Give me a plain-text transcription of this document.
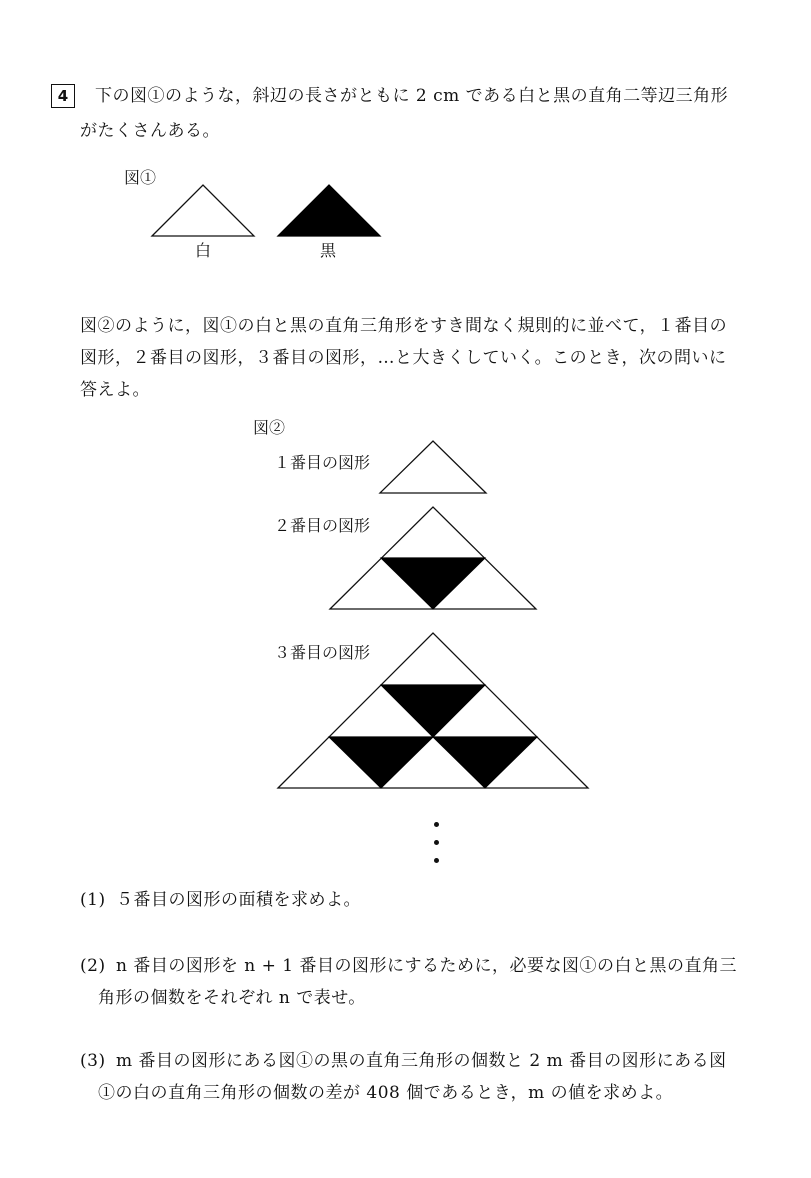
4	下の図①のような，斜辺の長さがともに 2 cm である白と黒の直角二等辺三角形
がたくさんある。
図①
白	黒
図②のように，図①の白と黒の直角三角形をすき間なく規則的に並べて，１番目の
図形，２番目の図形，３番目の図形，…と大きくしていく。このとき，次の問いに
答えよ。
図②
１番目の図形
２番目の図形
３番目の図形
(1) ５番目の図形の面積を求めよ。
(2) n 番目の図形を n + 1 番目の図形にするために，必要な図①の白と黒の直角三
角形の個数をそれぞれ n で表せ。
(3) m 番目の図形にある図①の黒の直角三角形の個数と 2 m 番目の図形にある図
①の白の直角三角形の個数の差が 408 個であるとき，m の値を求めよ。
